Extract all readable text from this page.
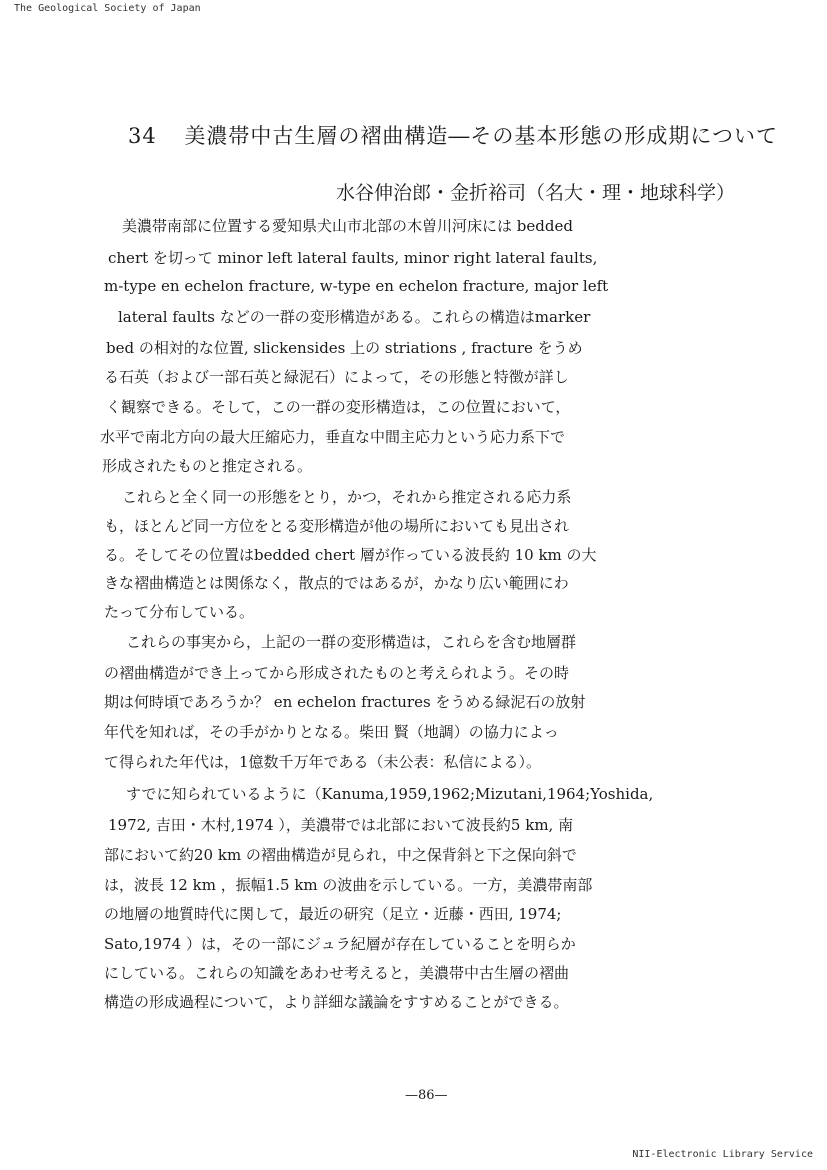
The Geological Society of Japan
34 美濃帯中古生層の褶曲構造―その基本形態の形成期について
水谷伸治郎・金折裕司（名大・理・地球科学）
美濃帯南部に位置する愛知県犬山市北部の木曽川河床には bedded
chert を切って minor left lateral faults, minor right lateral faults,
m-type en echelon fracture, w-type en echelon fracture, major left
lateral faults などの一群の変形構造がある。これらの構造はmarker
bed の相対的な位置, slickensides 上の striations , fracture をうめ
る石英（および一部石英と緑泥石）によって，その形態と特徴が詳し
く観察できる。そして，この一群の変形構造は，この位置において，
水平で南北方向の最大圧縮応力，垂直な中間主応力という応力系下で
形成されたものと推定される。
これらと全く同一の形態をとり，かつ，それから推定される応力系
も，ほとんど同一方位をとる変形構造が他の場所においても見出され
る。そしてその位置はbedded chert 層が作っている波長約 10 km の大
きな褶曲構造とは関係なく，散点的ではあるが，かなり広い範囲にわ
たって分布している。
これらの事実から，上記の一群の変形構造は，これらを含む地層群
の褶曲構造ができ上ってから形成されたものと考えられよう。その時
期は何時頃であろうか？ en echelon fractures をうめる緑泥石の放射
年代を知れば，その手がかりとなる。柴田 賢（地調）の協力によっ
て得られた年代は，1億数千万年である（未公表：私信による）。
すでに知られているように（Kanuma,1959,1962;Mizutani,1964;Yoshida,
1972, 吉田・木村,1974 ），美濃帯では北部において波長約5 km, 南
部において約20 km の褶曲構造が見られ，中之保背斜と下之保向斜で
は，波長 12 km ，振幅1.5 km の波曲を示している。一方，美濃帯南部
の地層の地質時代に関して，最近の研究（足立・近藤・西田, 1974;
Sato,1974 ）は，その一部にジュラ紀層が存在していることを明らか
にしている。これらの知識をあわせ考えると，美濃帯中古生層の褶曲
構造の形成過程について，より詳細な議論をすすめることができる。
—86—
NII-Electronic Library Service
